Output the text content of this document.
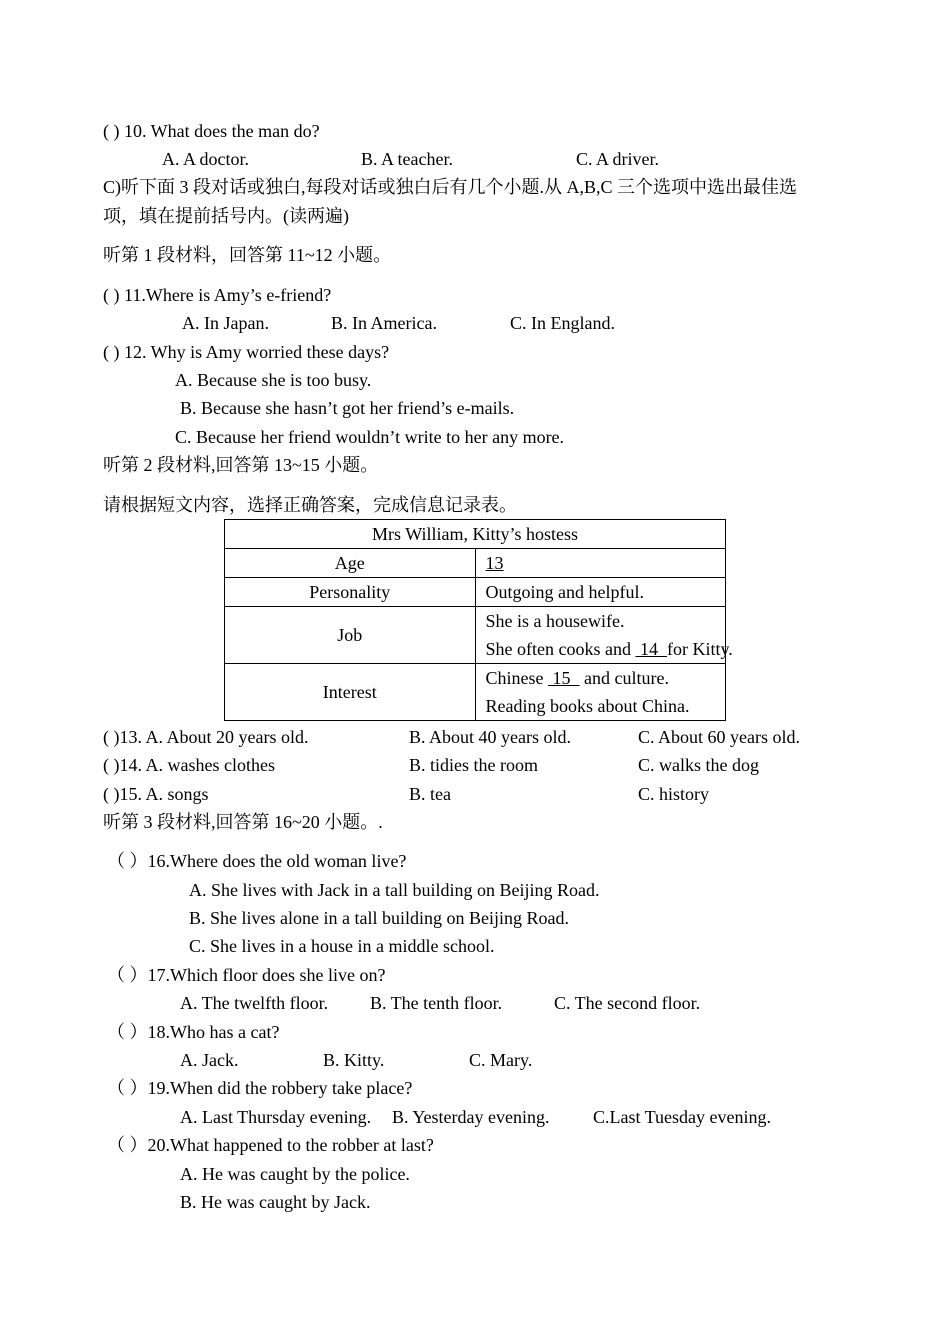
( ) 10. What does the man do?
A. A doctor.	B. A teacher.	C. A driver.
C)听下面 3 段对话或独白,每段对话或独白后有几个小题.从 A,B,C 三个选项中选出最佳选
项，填在提前括号内。(读两遍)
听第 1 段材料，回答第 11~12 小题。
( ) 11.Where is Amy’s e-friend?
A. In Japan.	B. In America.	C. In England.
( ) 12. Why is Amy worried these days?
A. Because she is too busy.
B. Because she hasn’t got her friend’s e-mails.
C. Because her friend wouldn’t write to her any more.
听第 2 段材料,回答第 13~15 小题。
请根据短文内容，选择正确答案，完成信息记录表。
Mrs William, Kitty’s hostess	
Age	13
Personality	Outgoing and helpful.
Job	She is a housewife.
She often cooks and  14  for Kitty.

Interest	Chinese  15   and culture.
Reading books about China.
( )13. A. About 20 years old.	B. About 40 years old.	C. About 60 years old.
( )14. A. washes clothes	B. tidies the room	C. walks the dog
( )15. A. songs	B. tea	C. history
听第 3 段材料,回答第 16~20 小题。.
（ ）16.Where does the old woman live?
A. She lives with Jack in a tall building on Beijing Road.
B. She lives alone in a tall building on Beijing Road.
C. She lives in a house in a middle school.
（ ）17.Which floor does she live on?
A. The twelfth floor. B. The tenth floor.	C. The second floor.
（ ）18.Who has a cat?
A. Jack.	B. Kitty.	C. Mary.
（ ）19.When did the robbery take place?
A. Last Thursday evening. B. Yesterday evening. C.Last Tuesday evening.
（ ）20.What happened to the robber at last?
A. He was caught by the police.
B. He was caught by Jack.
